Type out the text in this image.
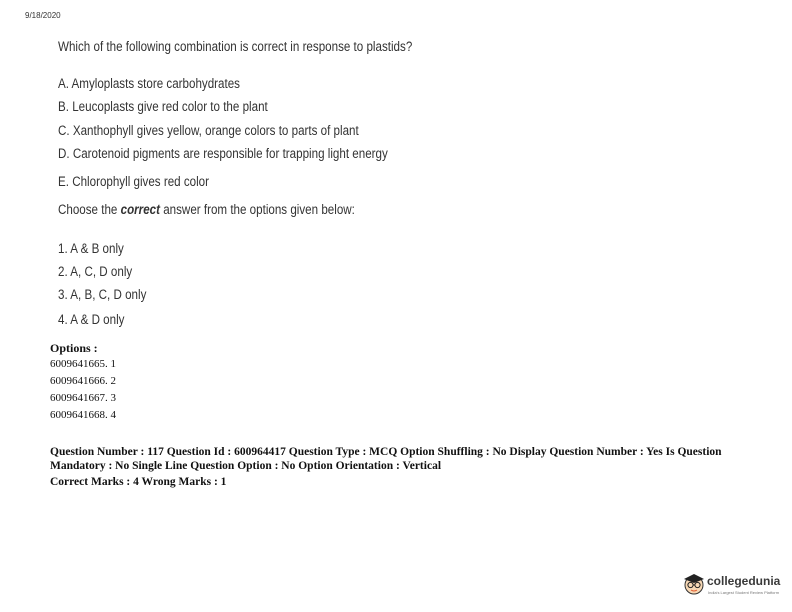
9/18/2020
Which of the following combination is correct in response to plastids?
A. Amyloplasts store carbohydrates
B. Leucoplasts give red color to the plant
C. Xanthophyll gives yellow, orange colors to parts of plant
D. Carotenoid pigments are responsible for trapping light energy
E. Chlorophyll gives red color
Choose the correct answer from the options given below:
1. A & B only
2. A, C, D only
3. A, B, C, D only
4. A & D only
Options :
6009641665. 1
6009641666. 2
6009641667. 3
6009641668. 4
Question Number : 117 Question Id : 600964417 Question Type : MCQ Option Shuffling : No Display Question Number : Yes Is Question Mandatory : No Single Line Question Option : No Option Orientation : Vertical
Correct Marks : 4 Wrong Marks : 1
collegedunia
India's Largest Student Review Platform
